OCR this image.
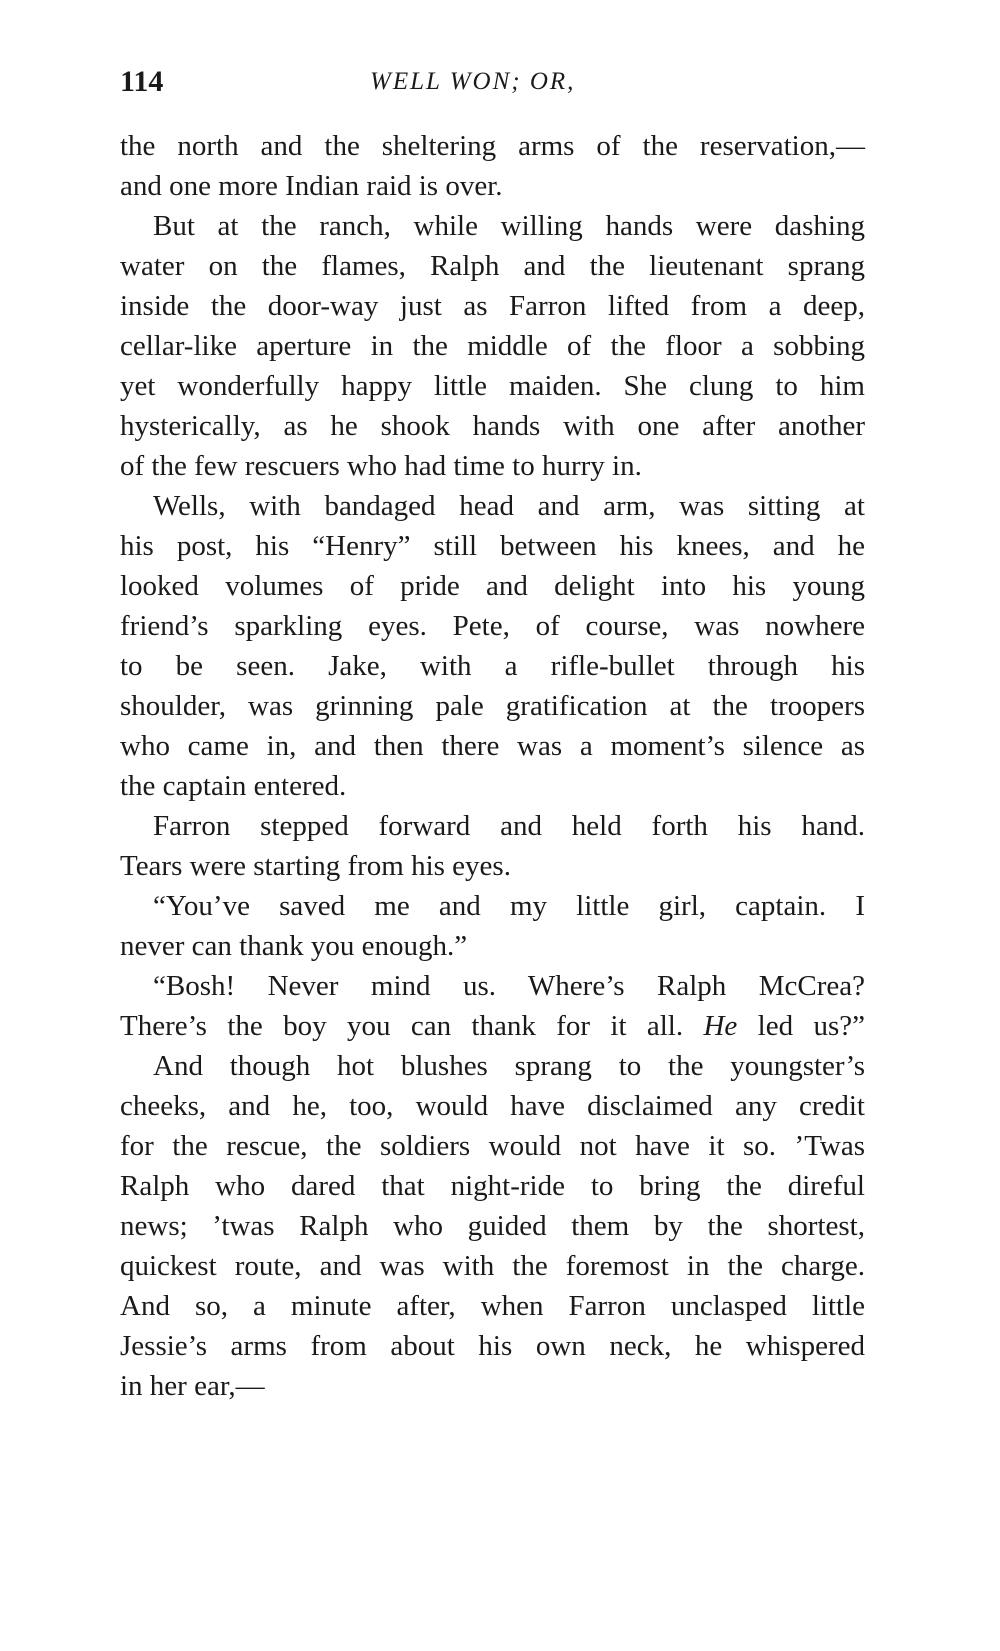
114	WELL WON; OR,
the north and the sheltering arms of the reservation,—
and one more Indian raid is over.
But at the ranch, while willing hands were dashing
water on the flames, Ralph and the lieutenant sprang
inside the door-way just as Farron lifted from a deep,
cellar-like aperture in the middle of the floor a sobbing
yet wonderfully happy little maiden. She clung to him
hysterically, as he shook hands with one after another
of the few rescuers who had time to hurry in.
Wells, with bandaged head and arm, was sitting at
his post, his “Henry” still between his knees, and he
looked volumes of pride and delight into his young
friend’s sparkling eyes. Pete, of course, was nowhere
to be seen. Jake, with a rifle-bullet through his
shoulder, was grinning pale gratification at the troopers
who came in, and then there was a moment’s silence as
the captain entered.
Farron stepped forward and held forth his hand.
Tears were starting from his eyes.
“You’ve saved me and my little girl, captain. I
never can thank you enough.”
“Bosh! Never mind us. Where’s Ralph McCrea?
There’s the boy you can thank for it all. He led us?”
And though hot blushes sprang to the youngster’s
cheeks, and he, too, would have disclaimed any credit
for the rescue, the soldiers would not have it so. ’Twas
Ralph who dared that night-ride to bring the direful
news; ’twas Ralph who guided them by the shortest,
quickest route, and was with the foremost in the charge.
And so, a minute after, when Farron unclasped little
Jessie’s arms from about his own neck, he whispered
in her ear,—
